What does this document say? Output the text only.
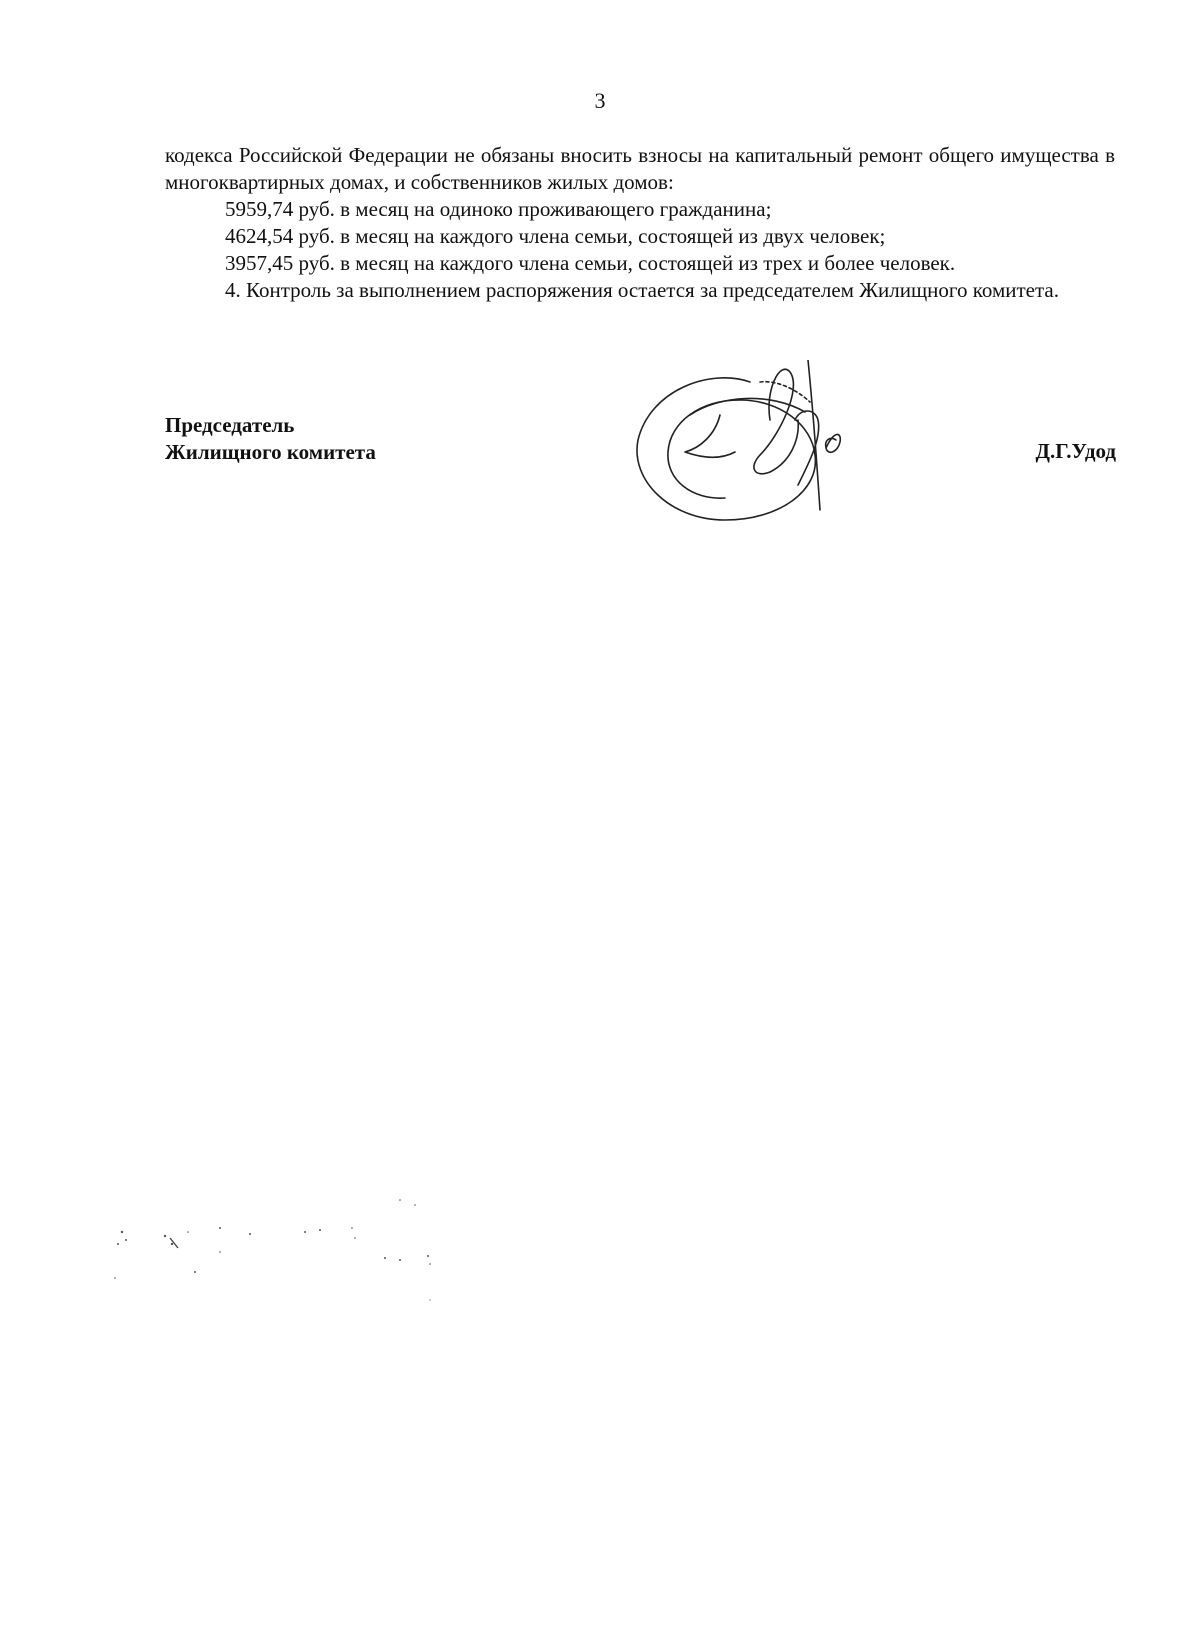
3

кодекса Российской Федерации не обязаны вносить взносы на капитальный ремонт общего имущества в многоквартирных домах, и собственников жилых домов:

5959,74 руб. в месяц на одиноко проживающего гражданина;

4624,54 руб. в месяц на каждого члена семьи, состоящей из двух человек;

3957,45 руб. в месяц на каждого члена семьи, состоящей из трех и более человек.

4. Контроль за выполнением распоряжения остается за председателем Жилищного комитета.

Председатель
Жилищного комитета	Д.Г.Удод
